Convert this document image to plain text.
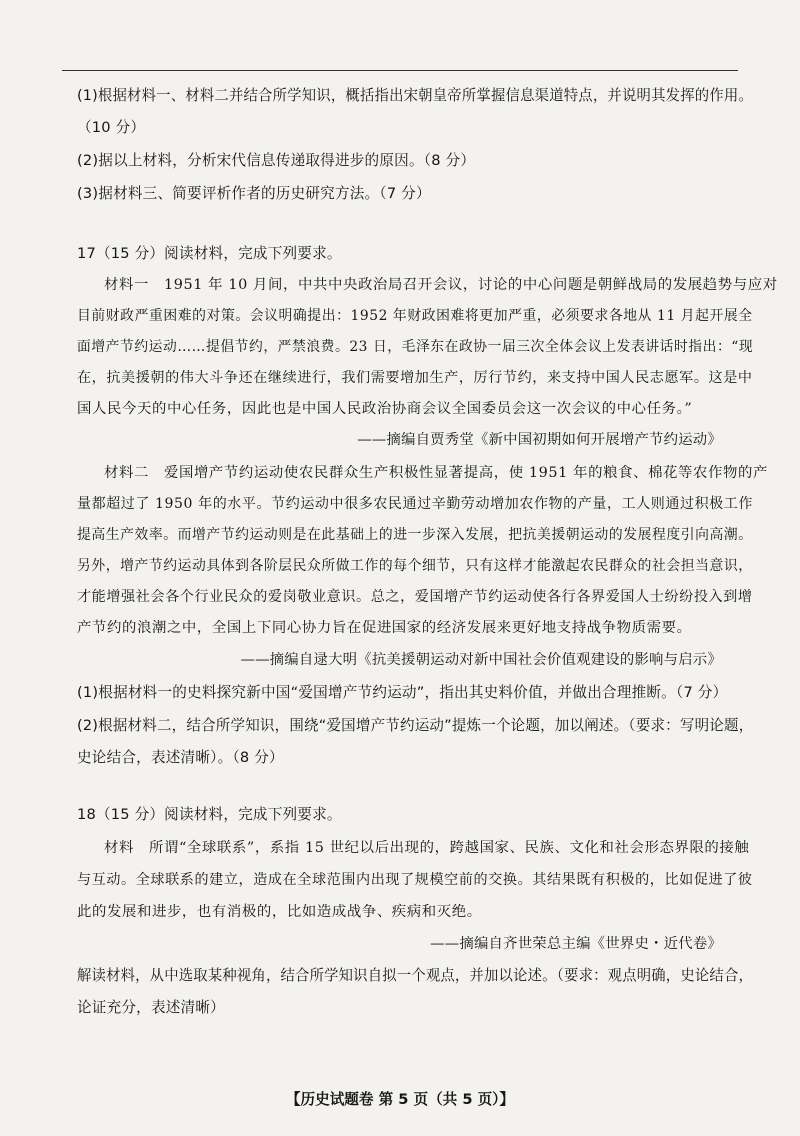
(1)根据材料一、材料二并结合所学知识，概括指出宋朝皇帝所掌握信息渠道特点，并说明其发挥的作用。
（10 分）
(2)据以上材料，分析宋代信息传递取得进步的原因。（8 分）
(3)据材料三、简要评析作者的历史研究方法。（7 分）
17（15 分）阅读材料，完成下列要求。
材料一　1951 年 10 月间，中共中央政治局召开会议，讨论的中心问题是朝鲜战局的发展趋势与应对
目前财政严重困难的对策。会议明确提出：1952 年财政困难将更加严重，必须要求各地从 11 月起开展全
面增产节约运动……提倡节约，严禁浪费。23 日，毛泽东在政协一届三次全体会议上发表讲话时指出：“现
在，抗美援朝的伟大斗争还在继续进行，我们需要增加生产，厉行节约，来支持中国人民志愿军。这是中
国人民今天的中心任务，因此也是中国人民政治协商会议全国委员会这一次会议的中心任务。”
——摘编自贾秀堂《新中国初期如何开展增产节约运动》
材料二　爱国增产节约运动使农民群众生产积极性显著提高，使 1951 年的粮食、棉花等农作物的产
量都超过了 1950 年的水平。节约运动中很多农民通过辛勤劳动增加农作物的产量，工人则通过积极工作
提高生产效率。而增产节约运动则是在此基础上的进一步深入发展，把抗美援朝运动的发展程度引向高潮。
另外，增产节约运动具体到各阶层民众所做工作的每个细节，只有这样才能激起农民群众的社会担当意识，
才能增强社会各个行业民众的爱岗敬业意识。总之，爱国增产节约运动使各行各界爱国人士纷纷投入到增
产节约的浪潮之中，全国上下同心协力旨在促进国家的经济发展来更好地支持战争物质需要。
——摘编自逯大明《抗美援朝运动对新中国社会价值观建设的影响与启示》
(1)根据材料一的史料探究新中国“爱国增产节约运动”，指出其史料价值，并做出合理推断。（7 分）
(2)根据材料二，结合所学知识，围绕“爱国增产节约运动”提炼一个论题，加以阐述。（要求：写明论题，
史论结合，表述清晰）。（8 分）
18（15 分）阅读材料，完成下列要求。
材料　所谓“全球联系”，系指 15 世纪以后出现的，跨越国家、民族、文化和社会形态界限的接触
与互动。全球联系的建立，造成在全球范围内出现了规模空前的交换。其结果既有积极的，比如促进了彼
此的发展和进步，也有消极的，比如造成战争、疾病和灭绝。
——摘编自齐世荣总主编《世界史・近代卷》
解读材料，从中选取某种视角，结合所学知识自拟一个观点，并加以论述。（要求：观点明确，史论结合，
论证充分，表述清晰）
【历史试题卷 第 5 页（共 5 页）】
